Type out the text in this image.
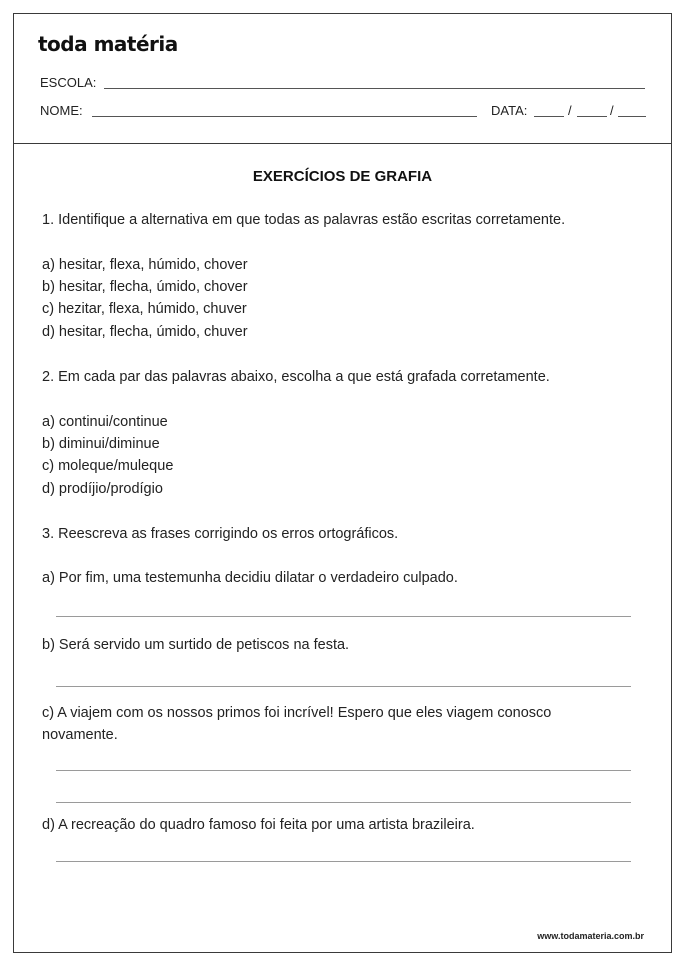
toda matéria
ESCOLA:
NOME:	DATA:	/	/
EXERCÍCIOS DE GRAFIA
1. Identifique a alternativa em que todas as palavras estão escritas corretamente.
a) hesitar, flexa, húmido, chover
b) hesitar, flecha, úmido, chover
c) hezitar, flexa, húmido, chuver
d) hesitar, flecha, úmido, chuver
2. Em cada par das palavras abaixo, escolha a que está grafada corretamente.
a) continui/continue
b) diminui/diminue
c) moleque/muleque
d) prodíjio/prodígio
3. Reescreva as frases corrigindo os erros ortográficos.
a) Por fim, uma testemunha decidiu dilatar o verdadeiro culpado.
b) Será servido um surtido de petiscos na festa.
c) A viajem com os nossos primos foi incrível! Espero que eles viagem conosco
novamente.
d) A recreação do quadro famoso foi feita por uma artista brazileira.
www.todamateria.com.br
